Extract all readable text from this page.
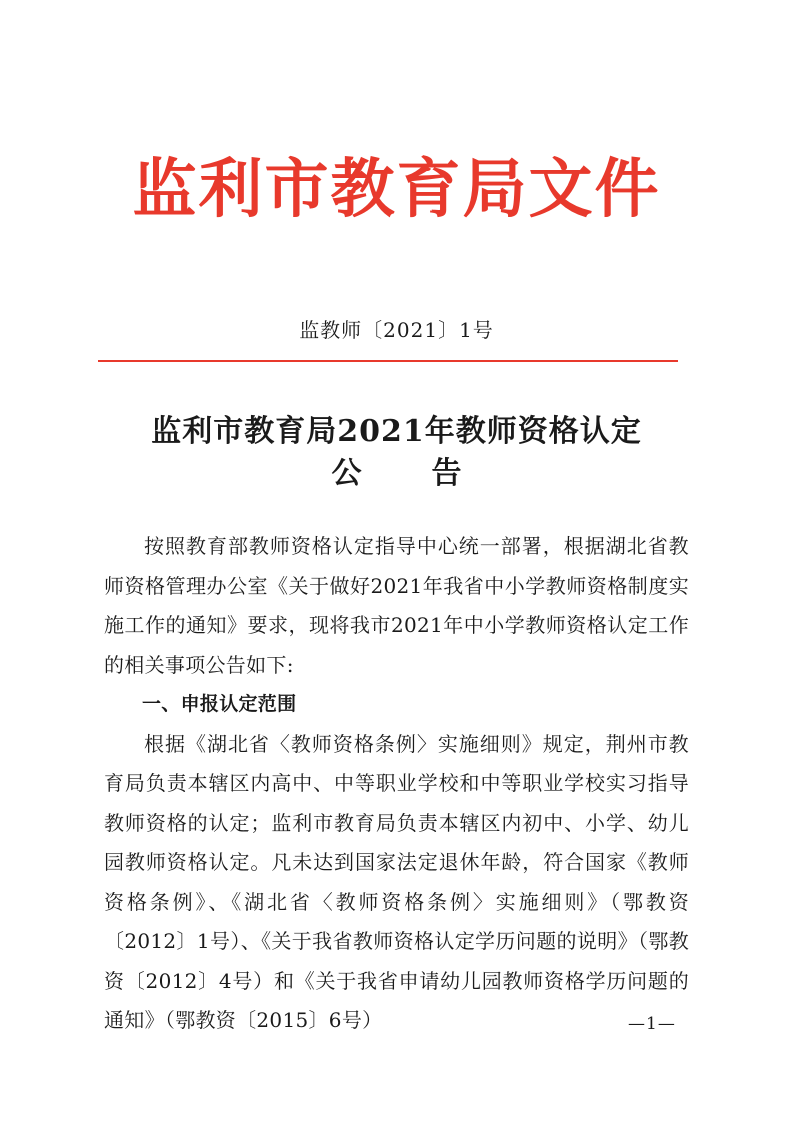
监利市教育局文件
监教师〔2021〕1号
监利市教育局2021年教师资格认定
公 告

按照教育部教师资格认定指导中心统一部署，根据湖北省教师资格管理办公室《关于做好2021年我省中小学教师资格制度实施工作的通知》要求，现将我市2021年中小学教师资格认定工作的相关事项公告如下:

一、申报认定范围

根据《湖北省〈教师资格条例〉实施细则》规定，荆州市教育局负责本辖区内高中、中等职业学校和中等职业学校实习指导教师资格的认定；监利市教育局负责本辖区内初中、小学、幼儿园教师资格认定。凡未达到国家法定退休年龄，符合国家《教师资格条例》、《湖北省〈教师资格条例〉实施细则》（鄂教资〔2012〕1号）、《关于我省教师资格认定学历问题的说明》（鄂教资〔2012〕4号）和《关于我省申请幼儿园教师资格学历问题的通知》（鄂教资〔2015〕6号）	—1—
